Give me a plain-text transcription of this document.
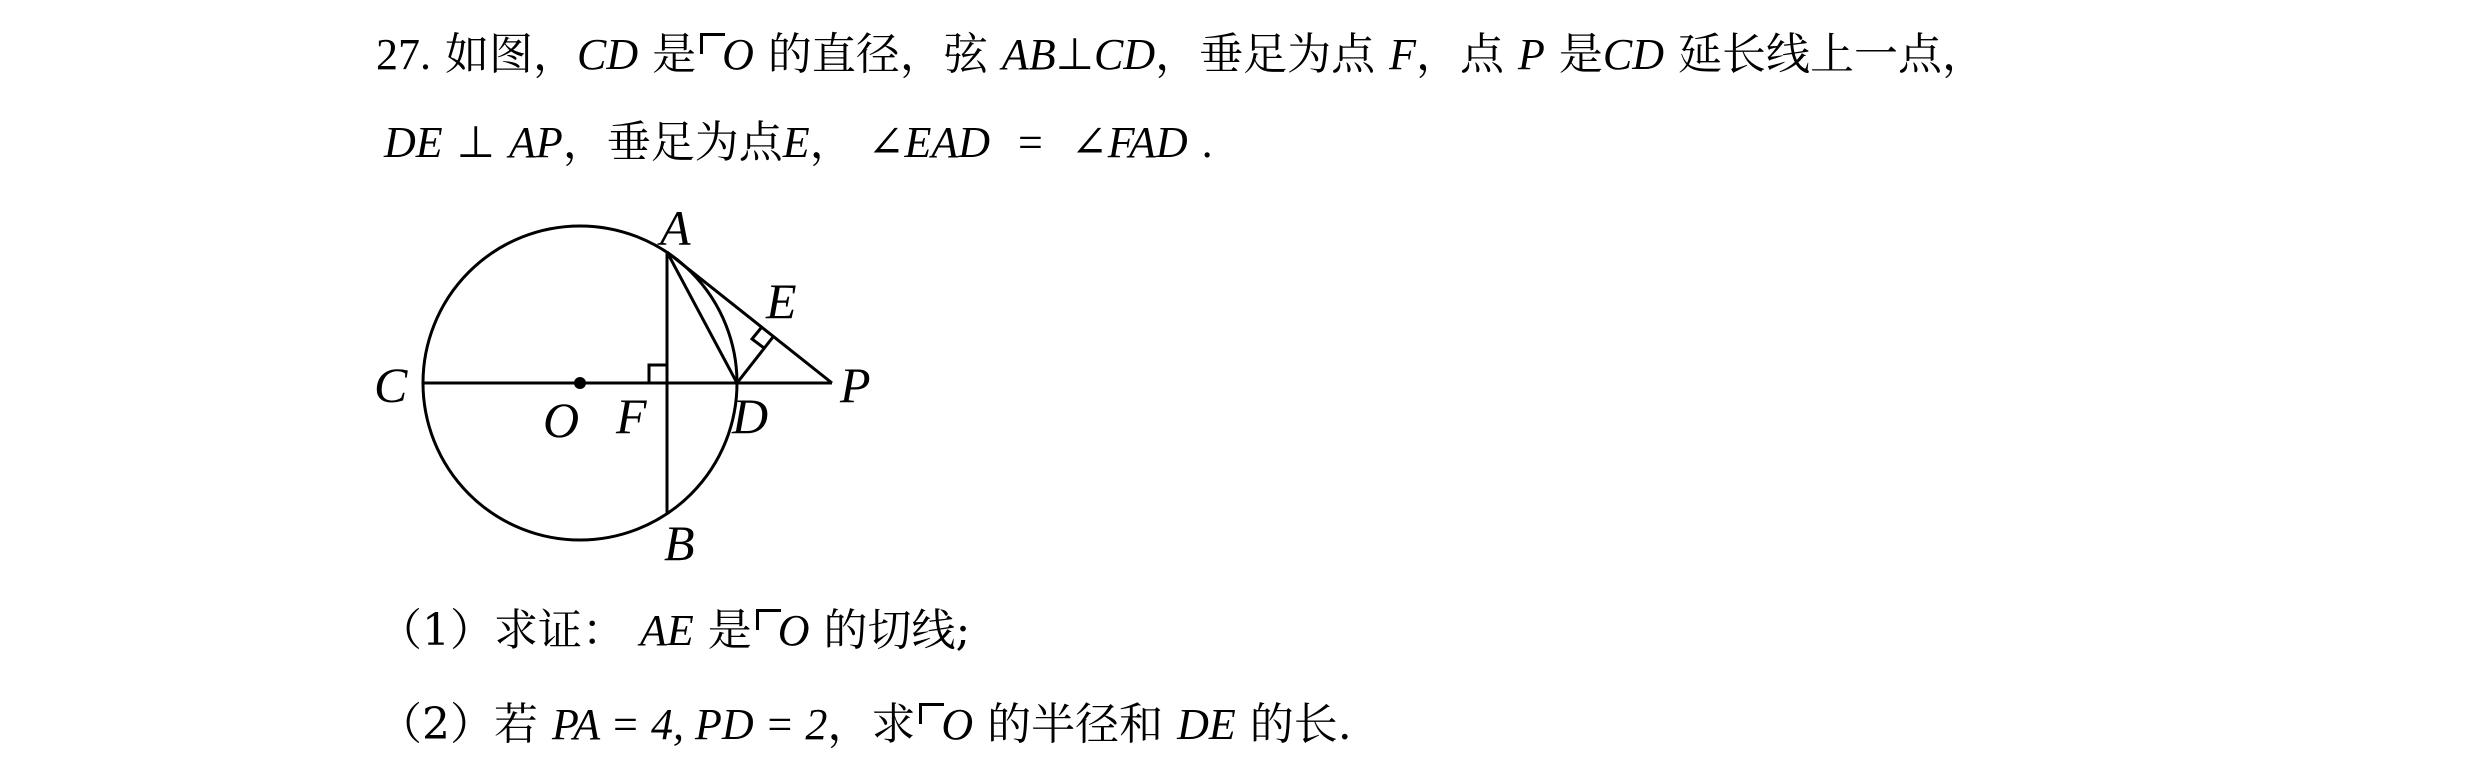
27. 如图，CD 是 O 的直径，弦 AB⊥CD，垂足为点 F，点 P 是CD 延长线上一点，
DE ⊥ AP，垂足为点E， ∠EAD = ∠FAD .
A
B
C
D
E
F
O
P
（1）求证： AE 是 O 的切线;
（2）若 PA = 4, PD = 2，求 O 的半径和 DE 的长.
